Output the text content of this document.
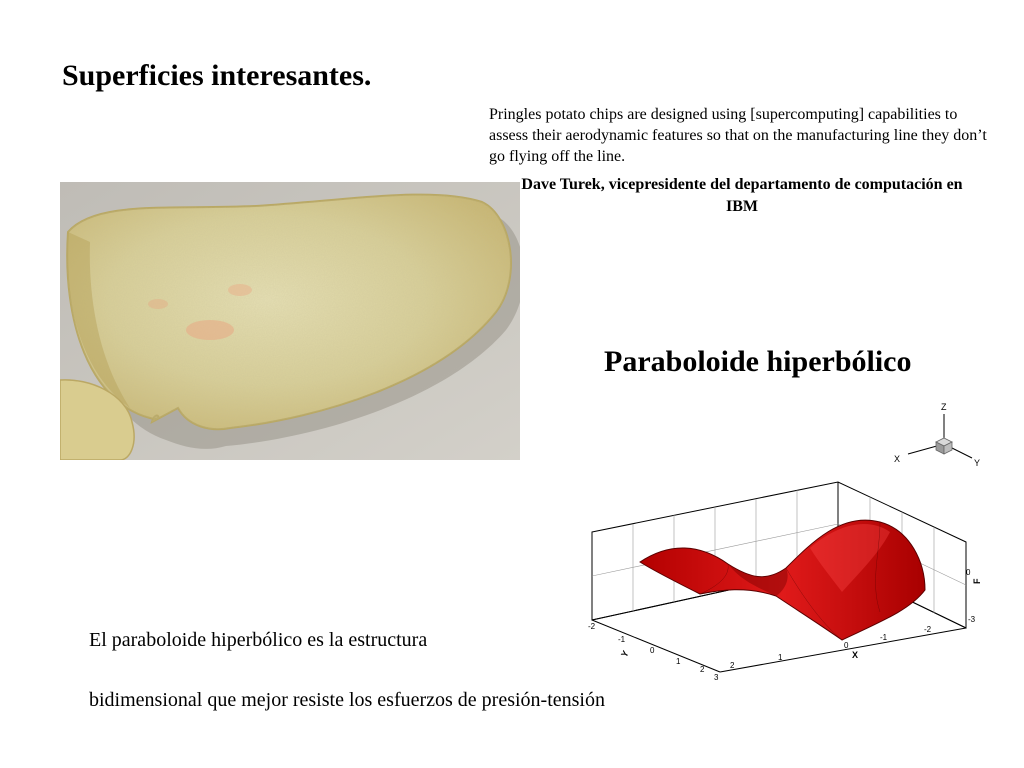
Superficies interesantes.
Pringles potato chips are designed using [supercomputing] capabilities to assess their aerodynamic features so that on the manufacturing line they don’t go flying off the line.
Dave Turek, vicepresidente del departamento de computación en IBM
Paraboloide hiperbólico
Z
X	Y
-2
-1
0
1
2
3
2
1
0
-1
-2
-3
0
Y	X
F
El paraboloide hiperbólico es la estructura
bidimensional que mejor resiste los esfuerzos de presión-tensión
